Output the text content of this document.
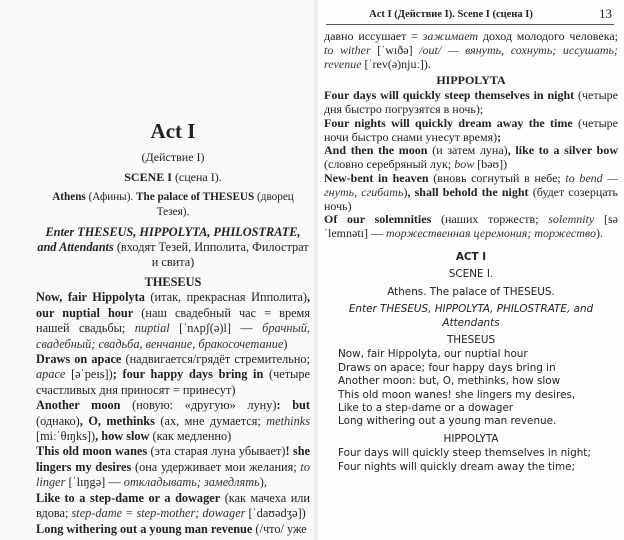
Act I
(Действие I)
SCENE I (сцена I).
Athens (Афины). The palace of THESEUS (дворец Тезея).
Enter THESEUS, HIPPOLYTA, PHILOSTRATE, and Attendants (входят Тезей, Ипполита, Филострат и свита)

THESEUS

Now, fair Hippolyta (итак, прекрасная Ипполита), our nuptial hour (наш свадебный час = время нашей свадьбы; nuptial [ˈnʌpʃ(ə)l] — брачный, свадебный; свадьба, венчание, бракосочетание)

Draws on apace (надвигается/грядёт стремительно; apace [əˈpeɪs]); four happy days bring in (четыре счастливых дня приносят = принесут)

Another moon (новую: «другую» луну): but (однако), O, methinks (ах, мне думается; methinks [miːˈθɪŋks]), how slow (как медленно)

This old moon wanes (эта старая луна убывает)! she lingers my desires (она удерживает мои желания; to linger [ˈlɪŋgə] — откладывать; замедлять),

Like to a step-dame or a dowager (как мачеха или вдова; step-dame = step-mother; dowager [ˈdaʊədʒə])

Long withering out a young man revenue (/что/ уже

Act I (Действие I). Scene I (сцена I)	13

давно иссушает = зажимает доход молодого человека; to wither [ˈwɪðə] /out/ — вянуть, сохнуть; иссушать; revenue [ˈrev(ə)njuː]).

HIPPOLYTA

Four days will quickly steep themselves in night (четыре дня быстро погрузятся в ночь);

Four nights will quickly dream away the time (четыре ночи быстро снами унесут время);

And then the moon (и затем луна), like to a silver bow (словно серебряный лук; bow [bəʊ])

New-bent in heaven (вновь согнутый в небе; to bend — гнуть, сгибать), shall behold the night (будет созерцать ночь)

Of our solemnities (наших торжеств; solemnity [səˈlemnətɪ] — торжественная церемония; торжество).

ACT I
SCENE I.
Athens. The palace of THESEUS.
Enter THESEUS, HIPPOLYTA, PHILOSTRATE, and Attendants
THESEUS
Now, fair Hippolyta, our nuptial hour
Draws on apace; four happy days bring in
Another moon: but, O, methinks, how slow
This old moon wanes! she lingers my desires,
Like to a step-dame or a dowager
Long withering out a young man revenue.
HIPPOLYTA
Four days will quickly steep themselves in night;
Four nights will quickly dream away the time;
